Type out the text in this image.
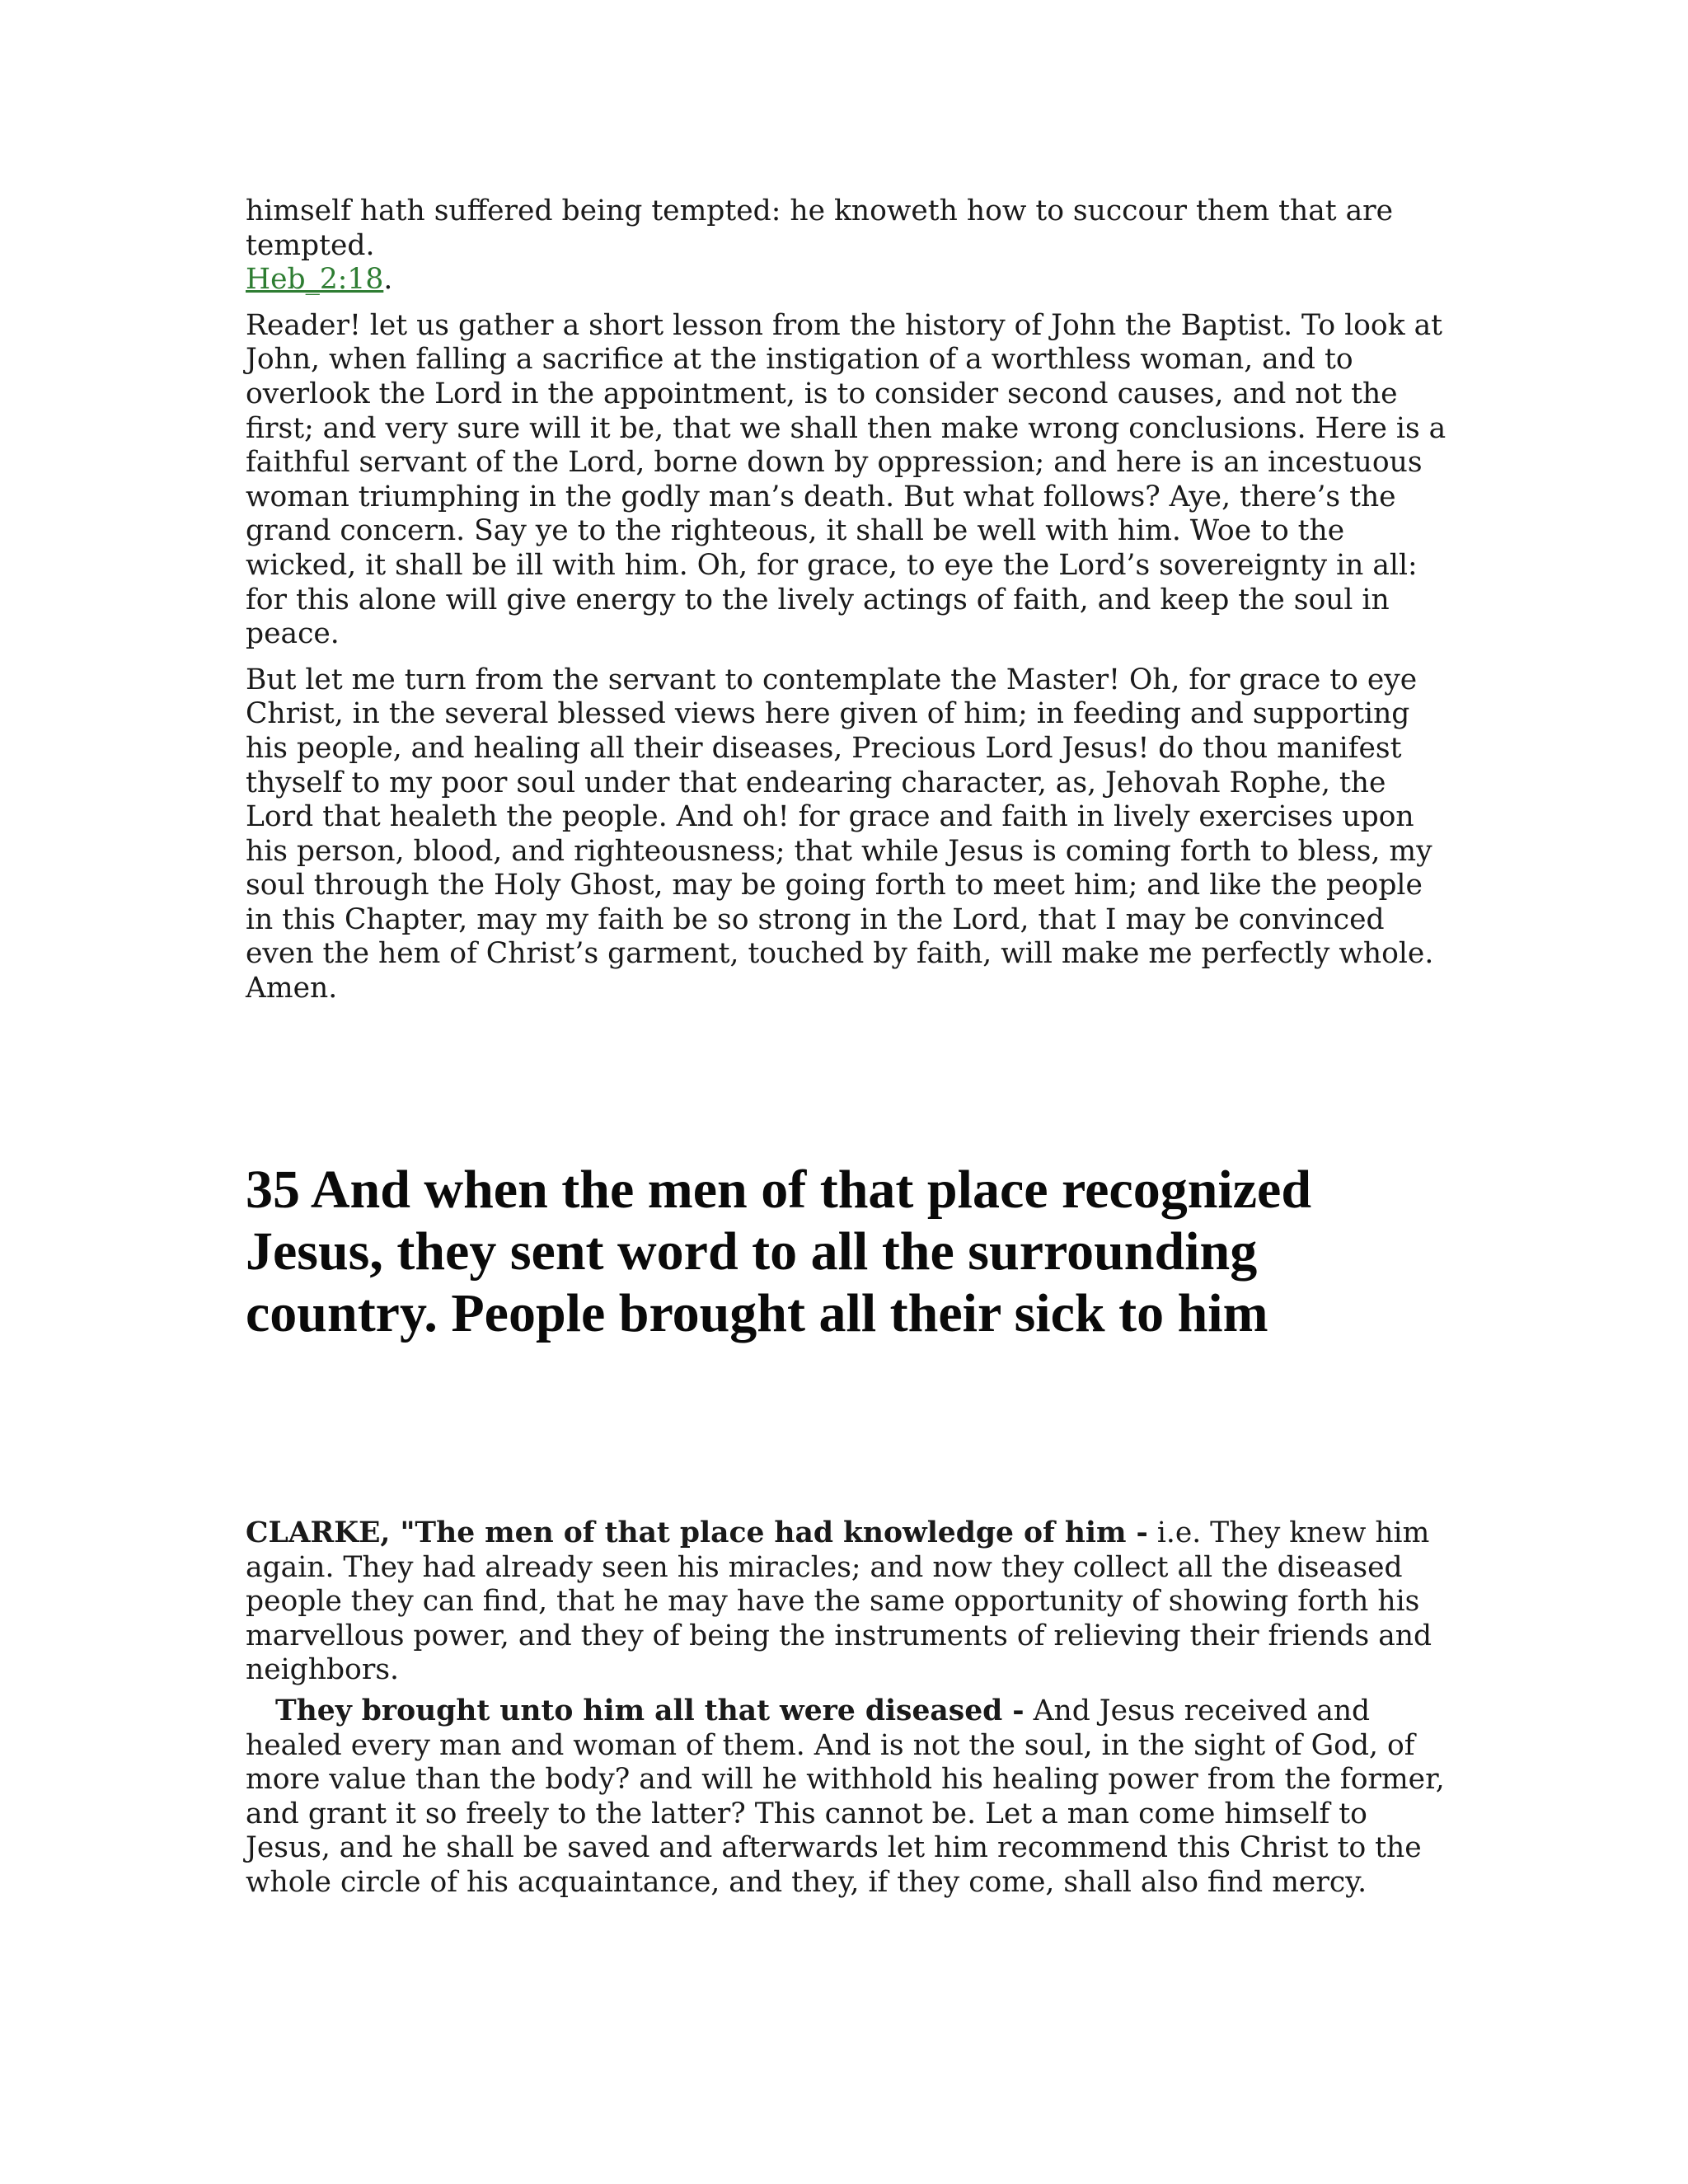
himself hath suffered being tempted: he knoweth how to succour them that are tempted.
Heb_2:18.

Reader! let us gather a short lesson from the history of John the Baptist. To look at John, when falling a sacrifice at the instigation of a worthless woman, and to overlook the Lord in the appointment, is to consider second causes, and not the first; and very sure will it be, that we shall then make wrong conclusions. Here is a faithful servant of the Lord, borne down by oppression; and here is an incestuous woman triumphing in the godly man’s death. But what follows? Aye, there’s the grand concern. Say ye to the righteous, it shall be well with him. Woe to the wicked, it shall be ill with him. Oh, for grace, to eye the Lord’s sovereignty in all: for this alone will give energy to the lively actings of faith, and keep the soul in peace.

But let me turn from the servant to contemplate the Master! Oh, for grace to eye Christ, in the several blessed views here given of him; in feeding and supporting his people, and healing all their diseases, Precious Lord Jesus! do thou manifest thyself to my poor soul under that endearing character, as, Jehovah Rophe, the Lord that healeth the people. And oh! for grace and faith in lively exercises upon his person, blood, and righteousness; that while Jesus is coming forth to bless, my soul through the Holy Ghost, may be going forth to meet him; and like the people in this Chapter, may my faith be so strong in the Lord, that I may be convinced even the hem of Christ’s garment, touched by faith, will make me perfectly whole. Amen.

35 And when the men of that place recognized Jesus, they sent word to all the surrounding country. People brought all their sick to him

CLARKE, "The men of that place had knowledge of him - i.e. They knew him again. They had already seen his miracles; and now they collect all the diseased people they can find, that he may have the same opportunity of showing forth his marvellous power, and they of being the instruments of relieving their friends and neighbors.

They brought unto him all that were diseased - And Jesus received and healed every man and woman of them. And is not the soul, in the sight of God, of more value than the body? and will he withhold his healing power from the former, and grant it so freely to the latter? This cannot be. Let a man come himself to Jesus, and he shall be saved and afterwards let him recommend this Christ to the whole circle of his acquaintance, and they, if they come, shall also find mercy.
